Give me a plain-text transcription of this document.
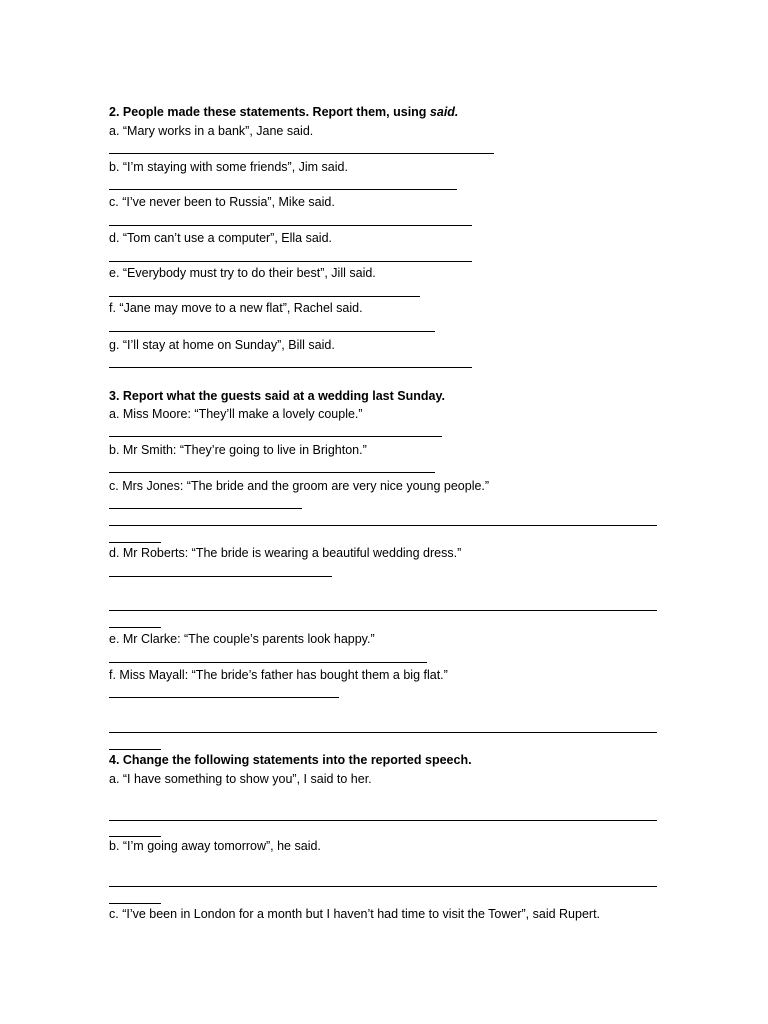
2. People made these statements. Report them, using said.
a. “Mary works in a bank”, Jane said.
b. “I’m staying with some friends”, Jim said.
c. “I’ve never been to Russia”, Mike said.
d. “Tom can’t use a computer”, Ella said.
e. “Everybody must try to do their best”, Jill said.
f. “Jane may move to a new flat”, Rachel said.
g. “I’ll stay at home on Sunday”, Bill said.
3. Report what the guests said at a wedding last Sunday.
a. Miss Moore: “They’ll make a lovely couple.”
b. Mr Smith: “They’re going to live in Brighton.”
c. Mrs Jones: “The bride and the groom are very nice young people.”
d. Mr Roberts: “The bride is wearing a beautiful wedding dress.”
e. Mr Clarke: “The couple’s parents look happy.”
f. Miss Mayall: “The bride’s father has bought them a big flat.”
4. Change the following statements into the reported speech.
a. “I have something to show you”, I said to her.
b. “I’m going away tomorrow”, he said.
c. “I’ve been in London for a month but I haven’t had time to visit the Tower”, said Rupert.
